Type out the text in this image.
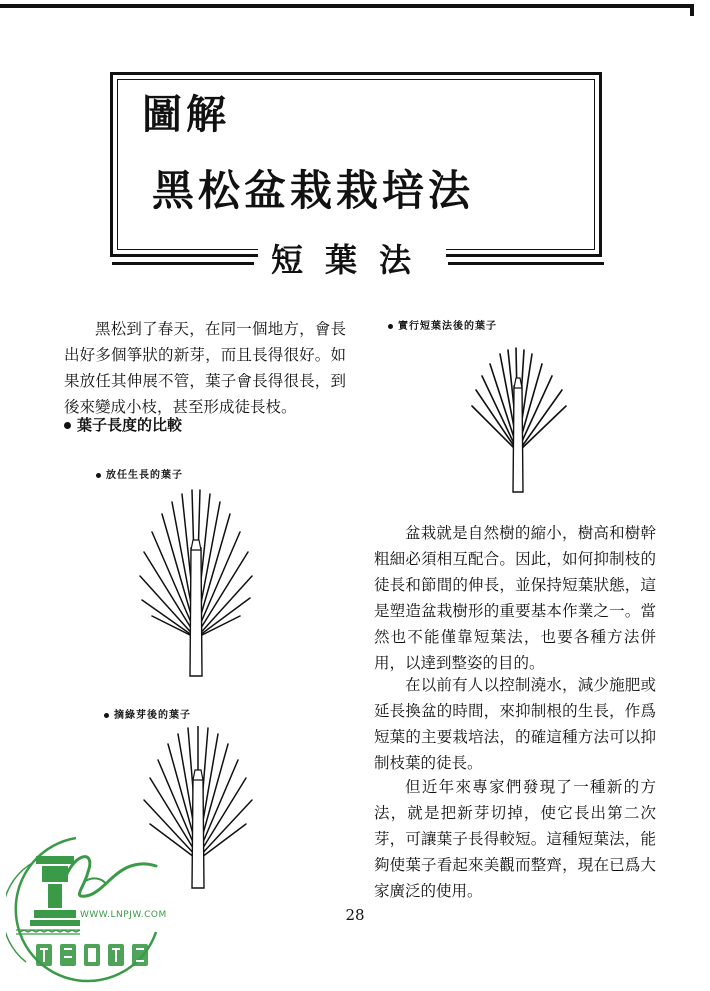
圖解
黑松盆栽栽培法
短葉法

黑松到了春天，在同一個地方，會長出好多個箏狀的新芽，而且長得很好。如果放任其伸展不管，葉子會長得很長，到後來變成小枝，甚至形成徒長枝。

葉子長度的比較
實行短葉法後的葉子
放任生長的葉子
摘綠芽後的葉子

盆栽就是自然樹的縮小，樹高和樹幹粗細必須相互配合。因此，如何抑制枝的徒長和節間的伸長，並保持短葉狀態，這是塑造盆栽樹形的重要基本作業之一。當然也不能僅靠短葉法，也要各種方法併用，以達到整姿的目的。

在以前有人以控制澆水，減少施肥或延長換盆的時間，來抑制根的生長，作爲短葉的主要栽培法，的確這種方法可以抑制枝葉的徒長。

但近年來專家們發現了一種新的方法，就是把新芽切掉，使它長出第二次芽，可讓葉子長得較短。這種短葉法，能夠使葉子看起來美觀而整齊，現在已爲大家廣泛的使用。

28
WWW.LNPJW.COM
